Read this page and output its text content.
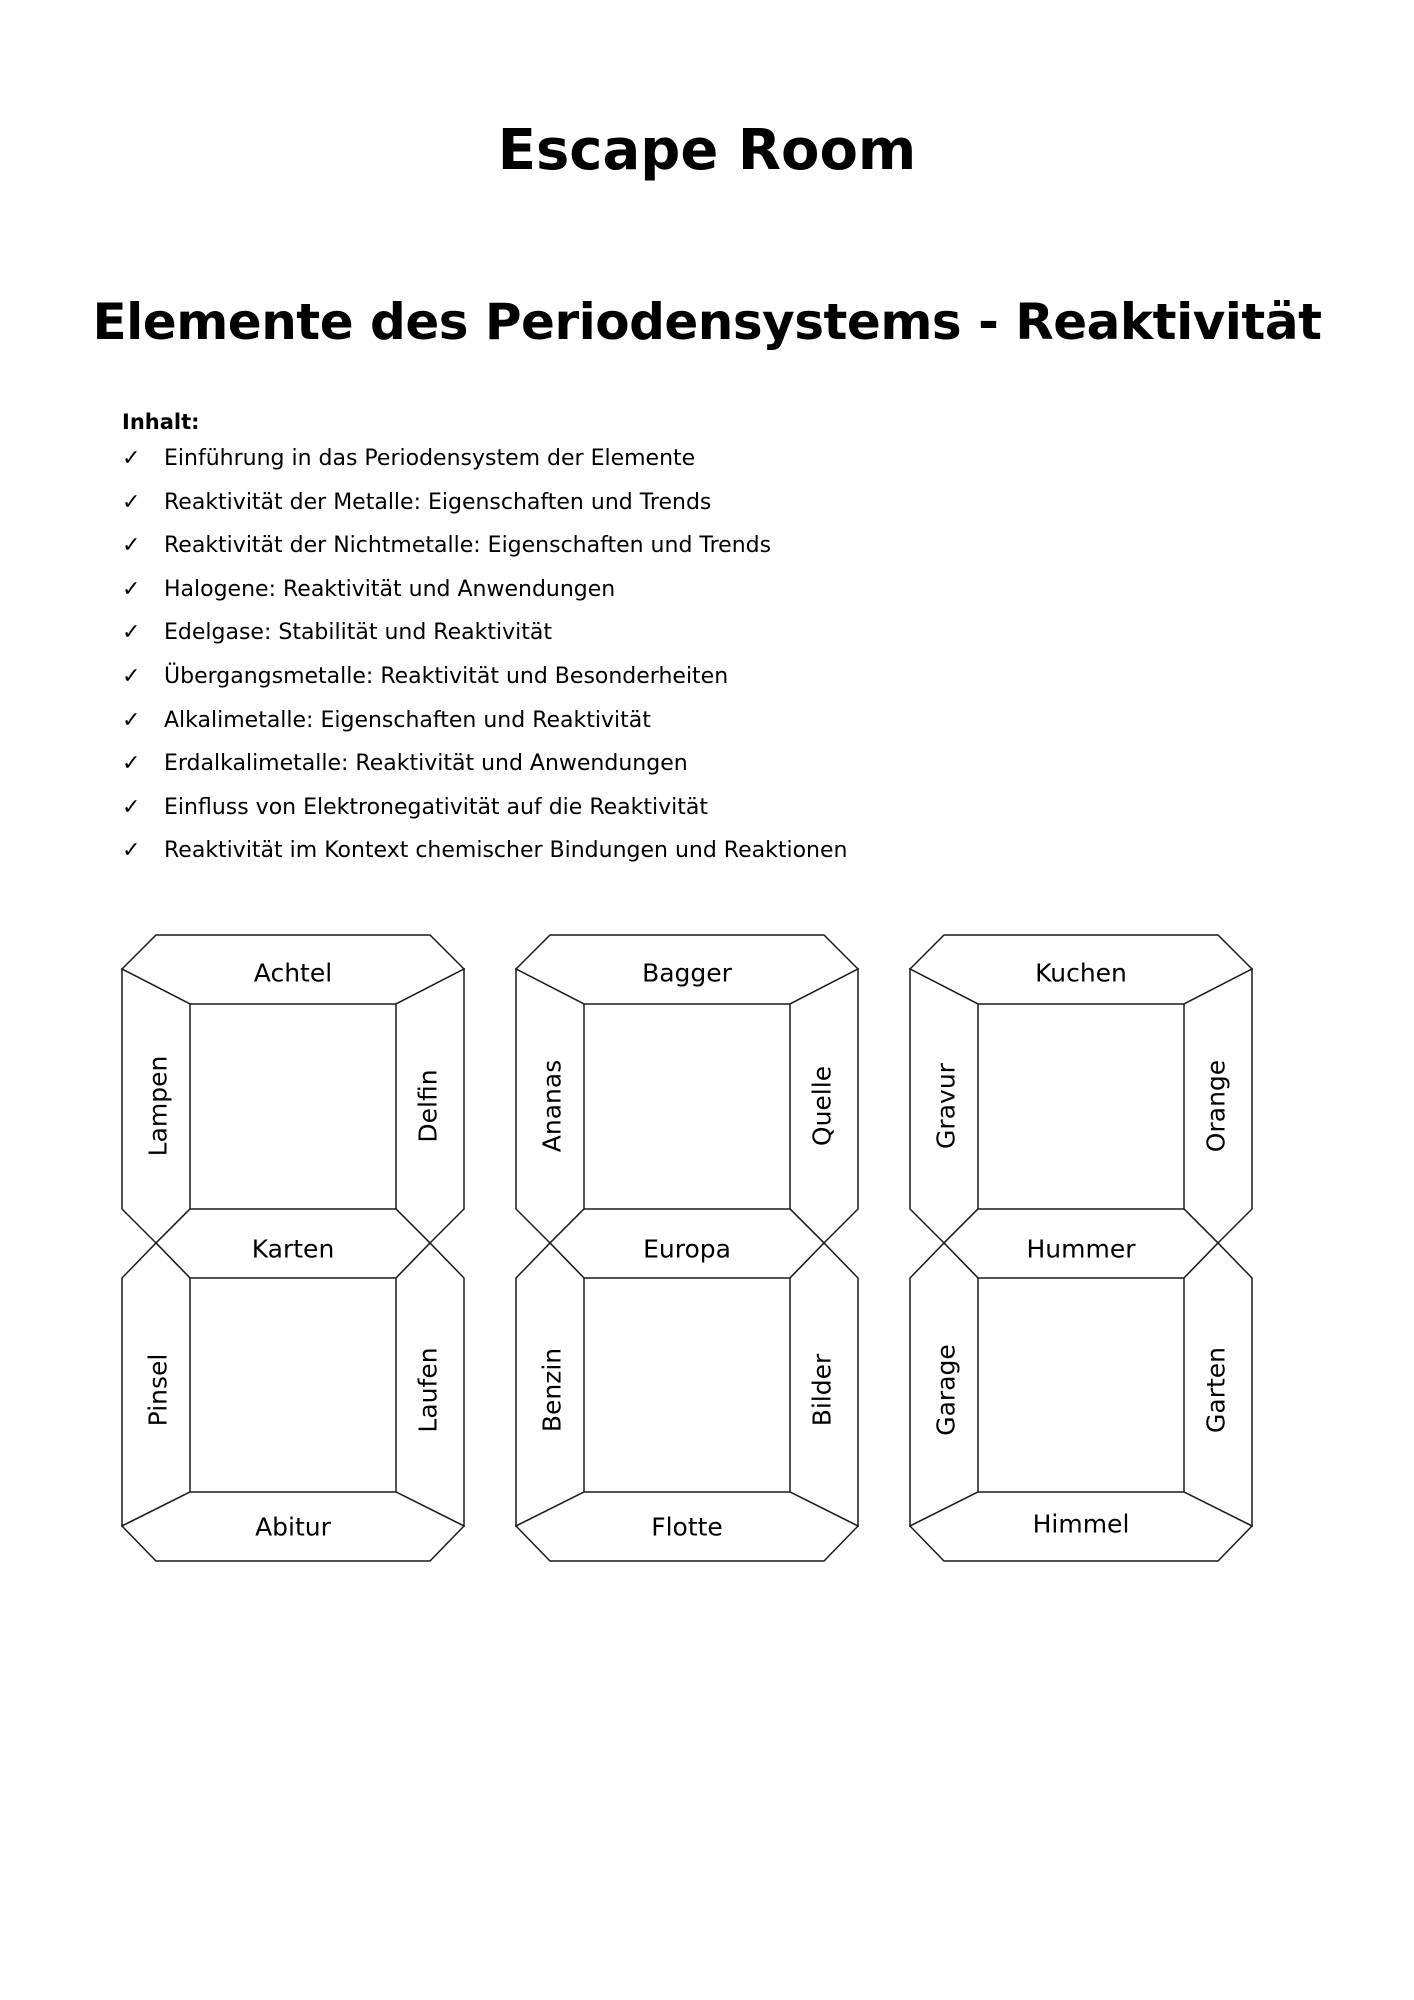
Escape Room
Elemente des Periodensystems - Reaktivität
Inhalt:
✓ Einführung in das Periodensystem der Elemente
✓ Reaktivität der Metalle: Eigenschaften und Trends
✓ Reaktivität der Nichtmetalle: Eigenschaften und Trends
✓ Halogene: Reaktivität und Anwendungen
✓ Edelgase: Stabilität und Reaktivität
✓ Übergangsmetalle: Reaktivität und Besonderheiten
✓ Alkalimetalle: Eigenschaften und Reaktivität
✓ Erdalkalimetalle: Reaktivität und Anwendungen
✓ Einfluss von Elektronegativität auf die Reaktivität
✓ Reaktivität im Kontext chemischer Bindungen und Reaktionen
Achtel
Lampen	Delfin
Karten
Pinsel	Laufen
Abitur
Bagger
Ananas	Quelle
Europa
Benzin	Bilder
Flotte
Kuchen
Gravur	Orange
Hummer
Garage	Garten
Himmel
